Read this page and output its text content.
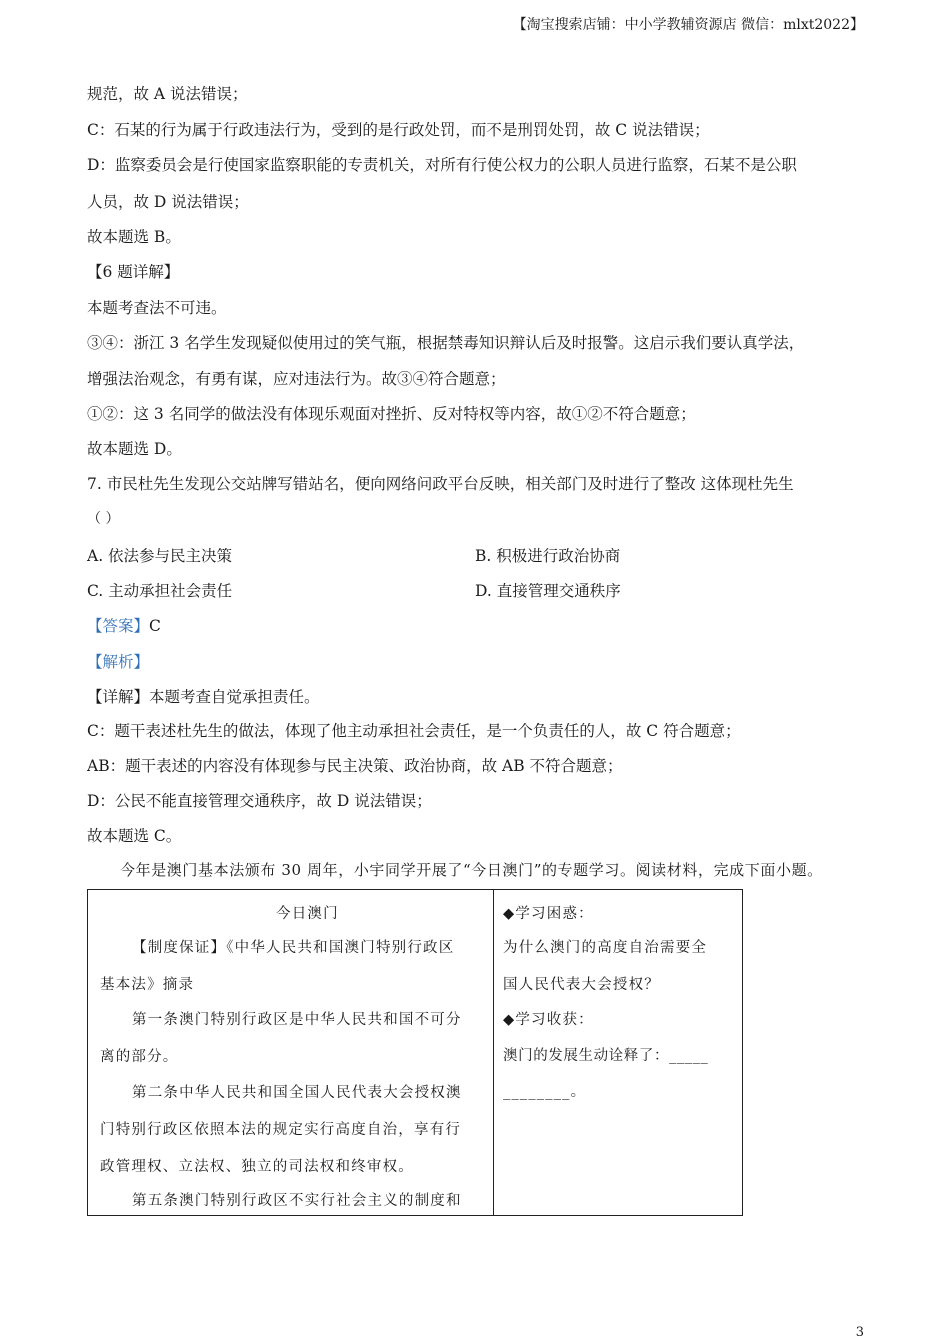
【淘宝搜索店铺：中小学教辅资源店 微信：mlxt2022】
规范，故 A 说法错误；
C：石某的行为属于行政违法行为，受到的是行政处罚，而不是刑罚处罚，故 C 说法错误；
D：监察委员会是行使国家监察职能的专责机关，对所有行使公权力的公职人员进行监察，石某不是公职
人员，故 D 说法错误；
故本题选 B。
【6 题详解】
本题考查法不可违。
③④：浙江 3 名学生发现疑似使用过的笑气瓶，根据禁毒知识辩认后及时报警。这启示我们要认真学法，
增强法治观念，有勇有谋，应对违法行为。故③④符合题意；
①②：这 3 名同学的做法没有体现乐观面对挫折、反对特权等内容，故①②不符合题意；
故本题选 D。
7. 市民杜先生发现公交站牌写错站名，便向网络问政平台反映，相关部门及时进行了整改 这体现杜先生
（ ）
A. 依法参与民主决策	B. 积极进行政治协商
C. 主动承担社会责任	D. 直接管理交通秩序
【答案】C
【解析】
【详解】本题考查自觉承担责任。
C：题干表述杜先生的做法，体现了他主动承担社会责任，是一个负责任的人，故 C 符合题意；
AB：题干表述的内容没有体现参与民主决策、政治协商，故 AB 不符合题意；
D：公民不能直接管理交通秩序，故 D 说法错误；
故本题选 C。
今年是澳门基本法颁布 30 周年，小宇同学开展了“今日澳门”的专题学习。阅读材料，完成下面小题。
今日澳门
【制度保证】《中华人民共和国澳门特别行政区
基本法》摘录
第一条澳门特别行政区是中华人民共和国不可分
离的部分。
第二条中华人民共和国全国人民代表大会授权澳
门特别行政区依照本法的规定实行高度自治，享有行
政管理权、立法权、独立的司法权和终审权。
第五条澳门特别行政区不实行社会主义的制度和

◆学习困惑：
为什么澳门的高度自治需要全
国人民代表大会授权？
◆学习收获：
澳门的发展生动诠释了：_____
________。
3
